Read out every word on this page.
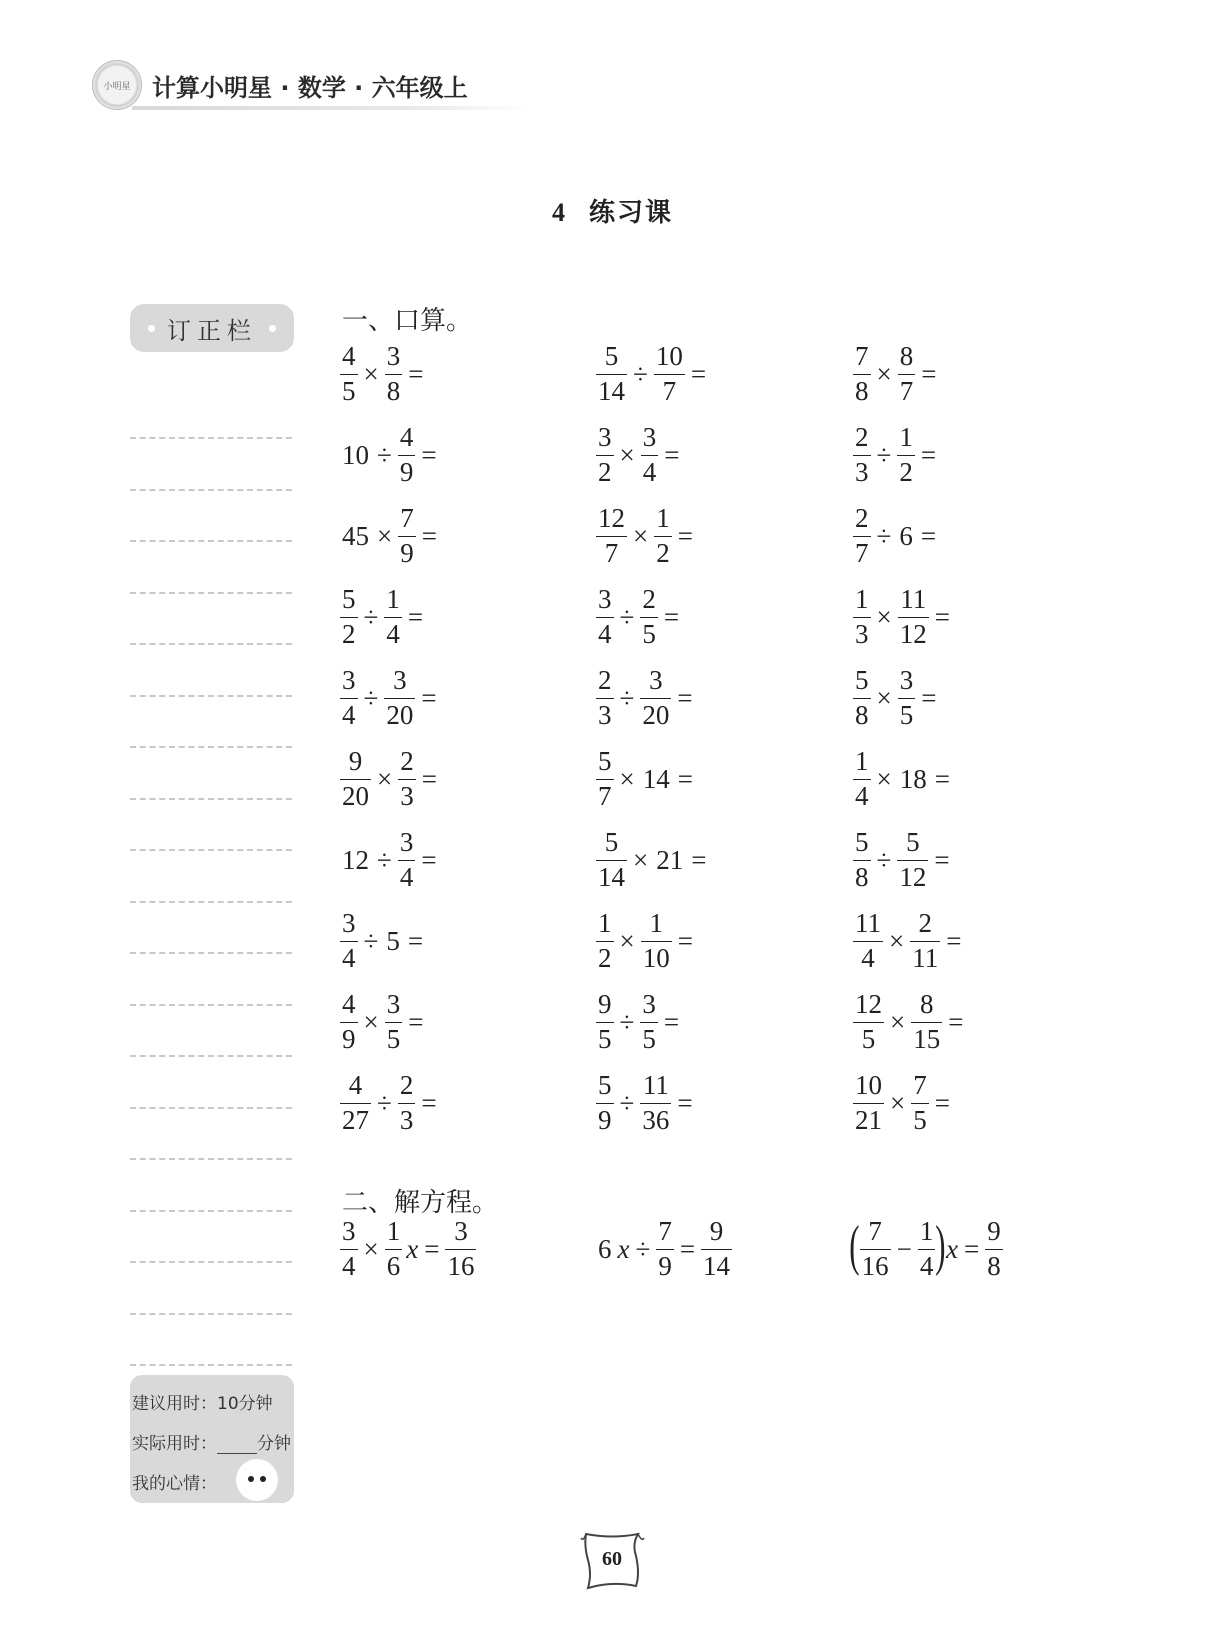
小明星 计算小明星 · 数学 · 六年级上
4 练习课
订正栏
建议用时：10分钟
实际用时： 分钟
我的心情：
一、口算。
$\frac{4}{5} \times \frac{3}{8}$ =	$\frac{5}{14} \div \frac{10}{7}$ =	$\frac{7}{8} \times \frac{8}{7}$ =
$10 \div \frac{4}{9}$ =	$\frac{3}{2} \times \frac{3}{4}$ =	$\frac{2}{3} \div \frac{1}{2}$ =
$45 \times \frac{7}{9}$ =	$\frac{12}{7} \times \frac{1}{2}$ =	$\frac{2}{7} \div 6$ =
$\frac{5}{2} \div \frac{1}{4}$ =	$\frac{3}{4} \div \frac{2}{5}$ =	$\frac{1}{3} \times \frac{11}{12}$ =
$\frac{3}{4} \div \frac{3}{20}$ =	$\frac{2}{3} \div \frac{3}{20}$ =	$\frac{5}{8} \times \frac{3}{5}$ =
$\frac{9}{20} \times \frac{2}{3}$ =	$\frac{5}{7} \times 14$ =	$\frac{1}{4} \times 18$ =
$12 \div \frac{3}{4}$ =	$\frac{5}{14} \times 21$ =	$\frac{5}{8} \div \frac{5}{12}$ =
$\frac{3}{4} \div 5$ =	$\frac{1}{2} \times \frac{1}{10}$ =	$\frac{11}{4} \times \frac{2}{11}$ =
$\frac{4}{9} \times \frac{3}{5}$ =	$\frac{9}{5} \div \frac{3}{5}$ =	$\frac{12}{5} \times \frac{8}{15}$ =
$\frac{4}{27} \div \frac{2}{3}$ =	$\frac{5}{9} \div \frac{11}{36}$ =	$\frac{10}{21} \times \frac{7}{5}$ =
二、解方程。
$\frac{3}{4} \times \frac{1}{6}$ $x = \frac{3}{16}$	6 $x \div \frac{7}{9} = \frac{9}{14}$ ( $\frac{7}{16} - \frac{1}{4}$ ) $x = \frac{9}{8}$
60
